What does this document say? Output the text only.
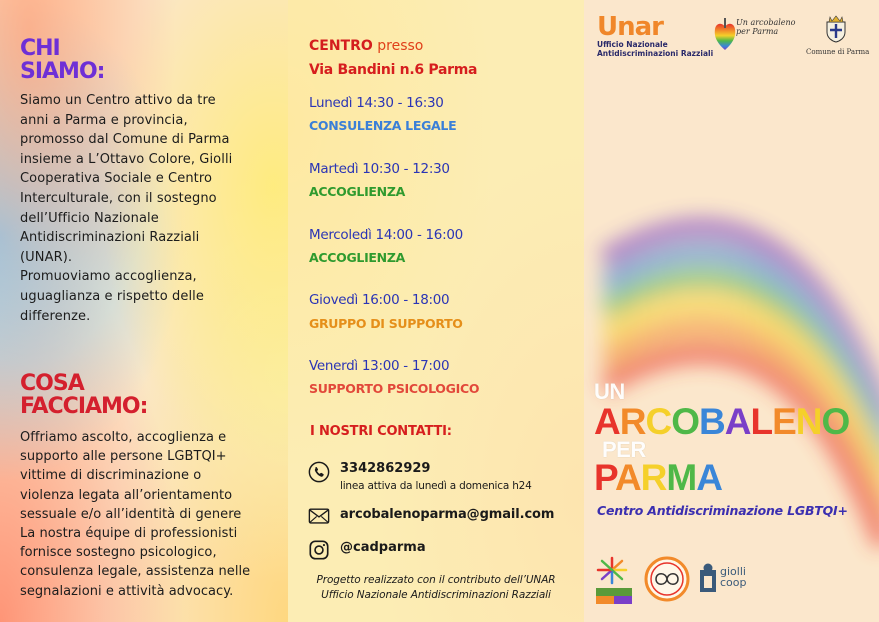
CHI
SIAMO:

Siamo un Centro attivo da tre
anni a Parma e provincia,
promosso dal Comune di Parma
insieme a L’Ottavo Colore, Giolli
Cooperativa Sociale e Centro
Interculturale, con il sostegno
dell’Ufficio Nazionale
Antidiscriminazioni Razziali
(UNAR).
Promuoviamo accoglienza,
uguaglianza e rispetto delle
differenze.

COSA
FACCIAMO:

Offriamo ascolto, accoglienza e
supporto alle persone LGBTQI+
vittime di discriminazione o
violenza legata all’orientamento
sessuale e/o all’identità di genere
La nostra équipe di professionisti
fornisce sostegno psicologico,
consulenza legale, assistenza nelle
segnalazioni e attività advocacy.

CENTRO presso
Via Bandini n.6 Parma
Lunedì 14:30 - 16:30
CONSULENZA LEGALE
Martedì 10:30 - 12:30
ACCOGLIENZA
Mercoledì 14:00 - 16:00
ACCOGLIENZA
Giovedì 16:00 - 18:00
GRUPPO DI SUPPORTO
Venerdì 13:00 - 17:00
SUPPORTO PSICOLOGICO
I NOSTRI CONTATTI:
3342862929
linea attiva da lunedì a domenica h24
arcobalenoparma@gmail.com
@cadparma

Progetto realizzato con il contributo dell’UNAR
Ufficio Nazionale Antidiscriminazioni Razziali

Unar
Ufficio Nazionale
Antidiscriminazioni Razziali
Un arcobaleno
per Parma
Comune di Parma
UN
ARCOBALENO
PER
PARMA
Centro Antidiscriminazione LGBTQI+
giolli
coop
